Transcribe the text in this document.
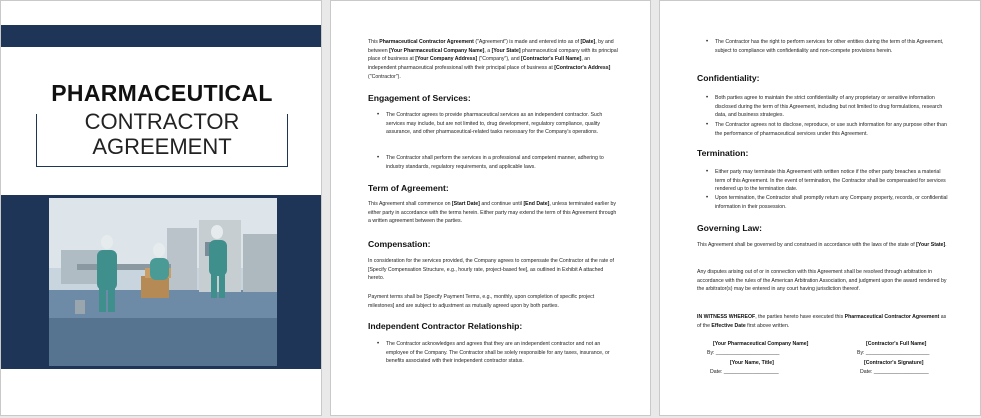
PHARMACEUTICAL
CONTRACTOR
AGREEMENT
This Pharmaceutical Contractor Agreement ("Agreement") is made and entered into as of [Date], by and between [Your Pharmaceutical Company Name], a [Your State] pharmaceutical company with its principal place of business at [Your Company Address] ("Company"), and [Contractor's Full Name], an independent pharmaceutical professional with their principal place of business at [Contractor's Address] ("Contractor").
Engagement of Services:
• The Contractor agrees to provide pharmaceutical services as an independent contractor. Such services may include, but are not limited to, drug development, regulatory compliance, quality assurance, and other pharmaceutical-related tasks necessary for the Company's operations.
• The Contractor shall perform the services in a professional and competent manner, adhering to industry standards, regulatory requirements, and applicable laws.
Term of Agreement:
This Agreement shall commence on [Start Date] and continue until [End Date], unless terminated earlier by either party in accordance with the terms herein. Either party may extend the term of this Agreement through a written agreement between the parties.
Compensation:
In consideration for the services provided, the Company agrees to compensate the Contractor at the rate of [Specify Compensation Structure, e.g., hourly rate, project-based fee], as outlined in Exhibit A attached hereto.
Payment terms shall be [Specify Payment Terms, e.g., monthly, upon completion of specific project milestones] and are subject to adjustment as mutually agreed upon by both parties.
Independent Contractor Relationship:
• The Contractor acknowledges and agrees that they are an independent contractor and not an employee of the Company. The Contractor shall be solely responsible for any taxes, insurance, or benefits associated with their independent contractor status.
• The Contractor has the right to perform services for other entities during the term of this Agreement, subject to compliance with confidentiality and non-compete provisions herein.
Confidentiality:
• Both parties agree to maintain the strict confidentiality of any proprietary or sensitive information disclosed during the term of this Agreement, including but not limited to drug formulations, research data, and business strategies.
• The Contractor agrees not to disclose, reproduce, or use such information for any purpose other than the performance of pharmaceutical services under this Agreement.
Termination:
• Either party may terminate this Agreement with written notice if the other party breaches a material term of this Agreement. In the event of termination, the Contractor shall be compensated for services rendered up to the termination date.
• Upon termination, the Contractor shall promptly return any Company property, records, or confidential information in their possession.
Governing Law:
This Agreement shall be governed by and construed in accordance with the laws of the state of [Your State].
Any disputes arising out of or in connection with this Agreement shall be resolved through arbitration in accordance with the rules of the American Arbitration Association, and judgment upon the award rendered by the arbitrator(s) may be entered in any court having jurisdiction thereof.
IN WITNESS WHEREOF, the parties hereto have executed this Pharmaceutical Contractor Agreement as of the Effective Date first above written.
[Your Pharmaceutical Company Name]
By: ______________________
[Your Name, Title]
Date: ___________________
[Contractor's Full Name]
By: ______________________
[Contractor's Signature]
Date: ___________________
